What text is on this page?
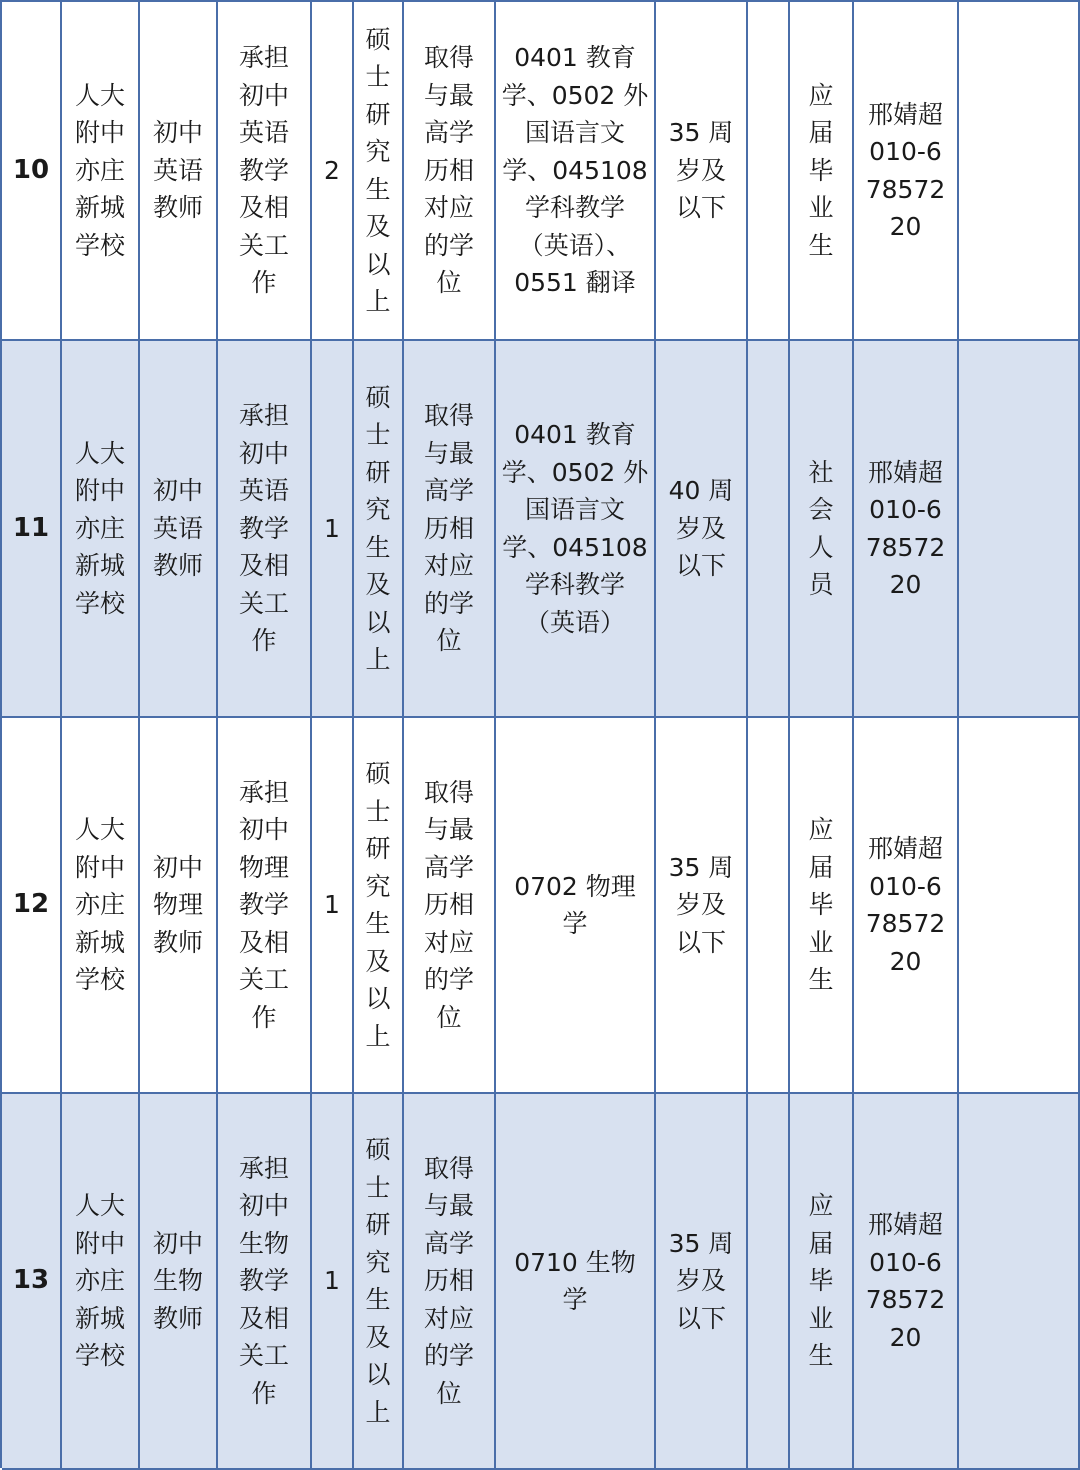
10
人大附中亦庄新城学校
初中英语教师
承担初中英语教学及相关工作
2
硕士研究生及以上
取得与最高学历相对应的学位
0401 教育
学、0502 外
国语言文
学、045108
学科教学
（英语）、
0551 翻译
35 周
岁及
以下
应届毕业生
邢婧超
010-6
78572
20
11
人大附中亦庄新城学校
初中英语教师
承担初中英语教学及相关工作
1
硕士研究生及以上
取得与最高学历相对应的学位
0401 教育
学、0502 外
国语言文
学、045108
学科教学
（英语）
40 周
岁及
以下
社会人员
邢婧超
010-6
78572
20
12
人大附中亦庄新城学校
初中物理教师
承担初中物理教学及相关工作
1
硕士研究生及以上
取得与最高学历相对应的学位
0702 物理
学
35 周
岁及
以下
应届毕业生
邢婧超
010-6
78572
20
13
人大附中亦庄新城学校
初中生物教师
承担初中生物教学及相关工作
1
硕士研究生及以上
取得与最高学历相对应的学位
0710 生物
学
35 周
岁及
以下
应届毕业生
邢婧超
010-6
78572
20
